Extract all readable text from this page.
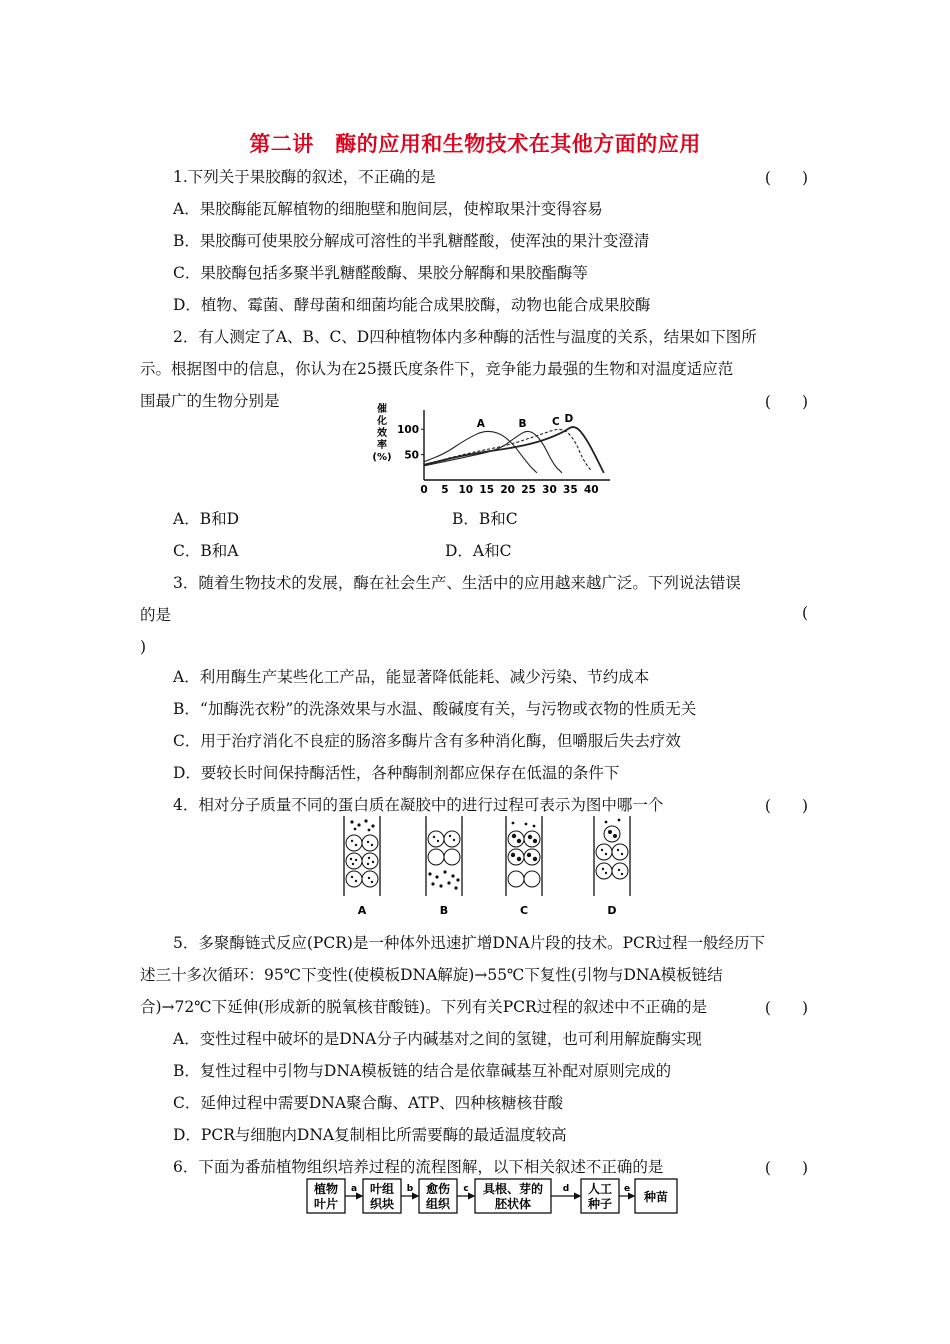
第二讲　酶的应用和生物技术在其他方面的应用
1.下列关于果胶酶的叙述，不正确的是	(　　)
A．果胶酶能瓦解植物的细胞壁和胞间层，使榨取果汁变得容易
B．果胶酶可使果胶分解成可溶性的半乳糖醛酸，使浑浊的果汁变澄清
C．果胶酶包括多聚半乳糖醛酸酶、果胶分解酶和果胶酯酶等
D．植物、霉菌、酵母菌和细菌均能合成果胶酶，动物也能合成果胶酶
2．有人测定了A、B、C、D四种植物体内多种酶的活性与温度的关系，结果如下图所
示。根据图中的信息，你认为在25摄氏度条件下，竞争能力最强的生物和对温度适应范
围最广的生物分别是	(　　)
催
化
效
率
(%)
100
50
0 5 10 15 20 25 30 35 40
A	B C D
A．B和D	B．B和C
C．B和A	D．A和C
3．随着生物技术的发展，酶在社会生产、生活中的应用越来越广泛。下列说法错误
的是	(
)
A．利用酶生产某些化工产品，能显著降低能耗、减少污染、节约成本
B．“加酶洗衣粉”的洗涤效果与水温、酸碱度有关，与污物或衣物的性质无关
C．用于治疗消化不良症的肠溶多酶片含有多种消化酶，但嚼服后失去疗效
D．要较长时间保持酶活性，各种酶制剂都应保存在低温的条件下
4．相对分子质量不同的蛋白质在凝胶中的进行过程可表示为图中哪一个	(　　)
A	B	C	D
5．多聚酶链式反应(PCR)是一种体外迅速扩增DNA片段的技术。PCR过程一般经历下
述三十多次循环：95℃下变性(使模板DNA解旋)→55℃下复性(引物与DNA模板链结
合)→72℃下延伸(形成新的脱氧核苷酸链)。下列有关PCR过程的叙述中不正确的是	(　　)
A．变性过程中破坏的是DNA分子内碱基对之间的氢键，也可利用解旋酶实现
B．复性过程中引物与DNA模板链的结合是依靠碱基互补配对原则完成的
C．延伸过程中需要DNA聚合酶、ATP、四种核糖核苷酸
D．PCR与细胞内DNA复制相比所需要酶的最适温度较高
6．下面为番茄植物组织培养过程的流程图解，以下相关叙述不正确的是	(　　)
a	b	c	d	e
植物
叶片
叶组
织块
愈伤
组织
具根、芽的
胚状体
人工
种子	种苗
